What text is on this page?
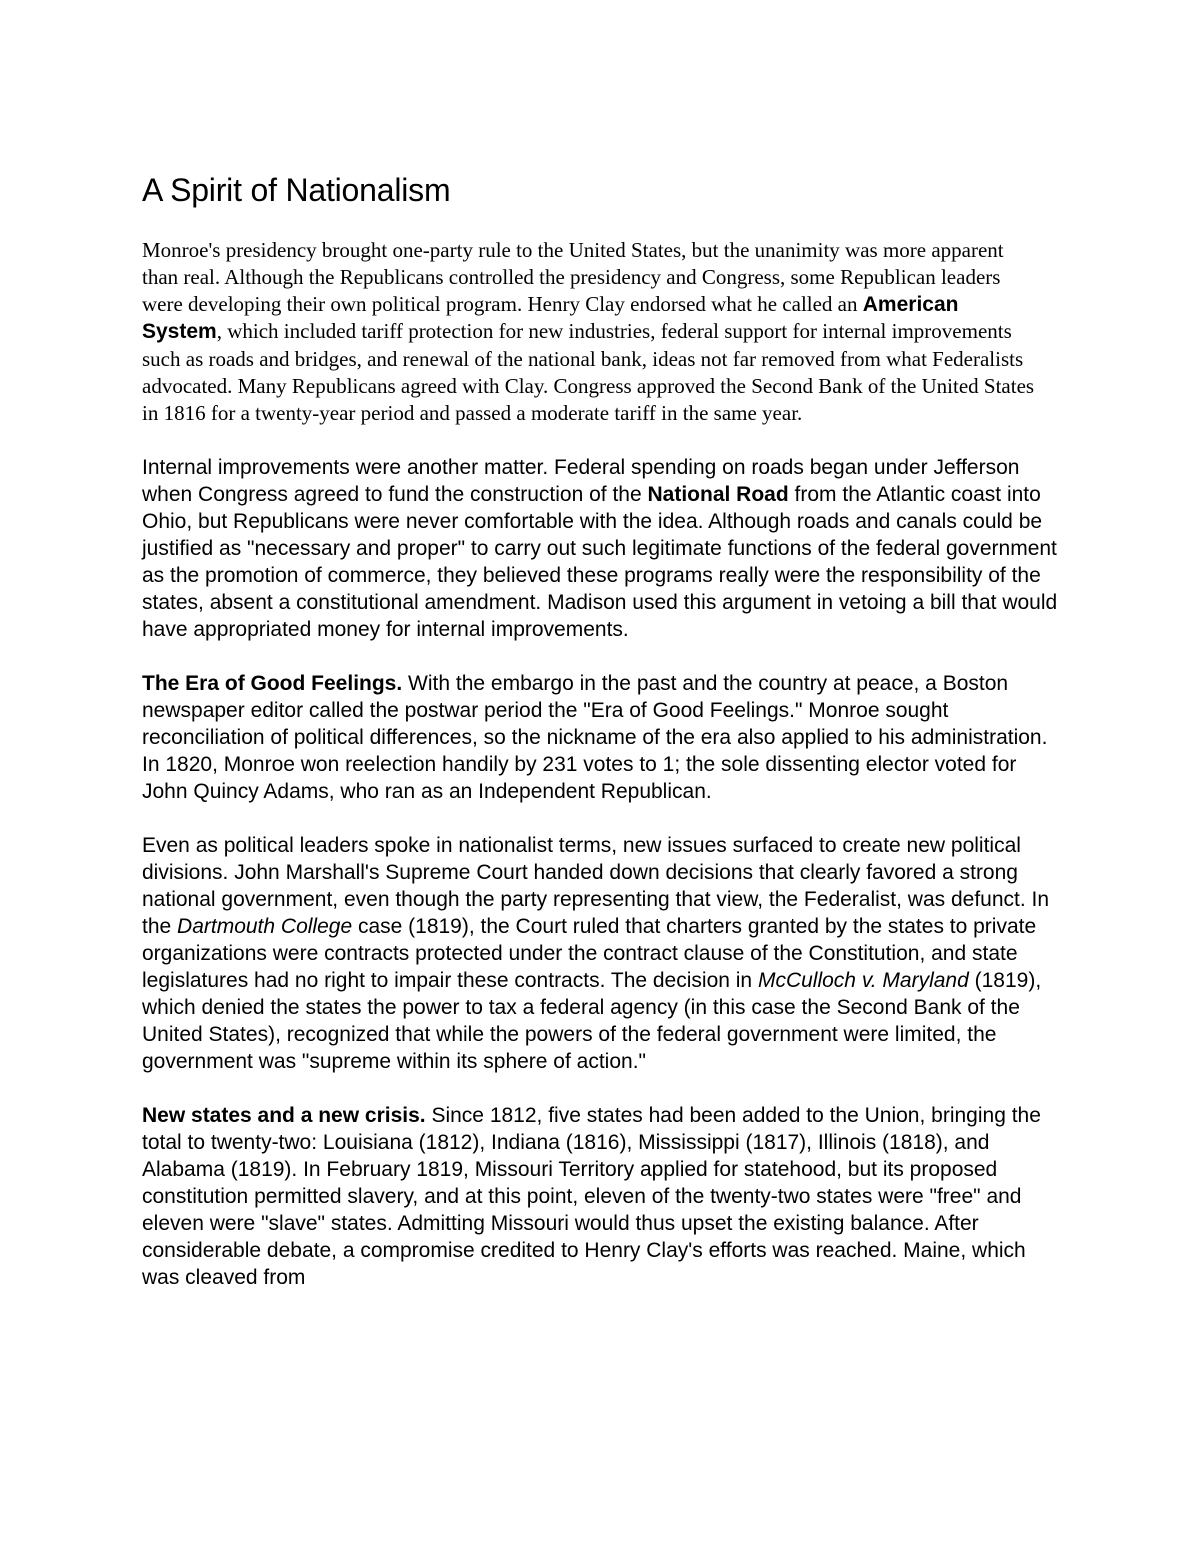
A Spirit of Nationalism

Monroe's presidency brought one-party rule to the United States, but the unanimity was more apparent than real. Although the Republicans controlled the presidency and Congress, some Republican leaders were developing their own political program. Henry Clay endorsed what he called an American System, which included tariff protection for new industries, federal support for internal improvements such as roads and bridges, and renewal of the national bank, ideas not far removed from what Federalists advocated. Many Republicans agreed with Clay. Congress approved the Second Bank of the United States in 1816 for a twenty-year period and passed a moderate tariff in the same year.

Internal improvements were another matter. Federal spending on roads began under Jefferson when Congress agreed to fund the construction of the National Road from the Atlantic coast into Ohio, but Republicans were never comfortable with the idea. Although roads and canals could be justified as "necessary and proper" to carry out such legitimate functions of the federal government as the promotion of commerce, they believed these programs really were the responsibility of the states, absent a constitutional amendment. Madison used this argument in vetoing a bill that would have appropriated money for internal improvements.

The Era of Good Feelings. With the embargo in the past and the country at peace, a Boston newspaper editor called the postwar period the "Era of Good Feelings." Monroe sought reconciliation of political differences, so the nickname of the era also applied to his administration. In 1820, Monroe won reelection handily by 231 votes to 1; the sole dissenting elector voted for John Quincy Adams, who ran as an Independent Republican.

Even as political leaders spoke in nationalist terms, new issues surfaced to create new political divisions. John Marshall's Supreme Court handed down decisions that clearly favored a strong national government, even though the party representing that view, the Federalist, was defunct. In the Dartmouth College case (1819), the Court ruled that charters granted by the states to private organizations were contracts protected under the contract clause of the Constitution, and state legislatures had no right to impair these contracts. The decision in McCulloch v. Maryland (1819), which denied the states the power to tax a federal agency (in this case the Second Bank of the United States), recognized that while the powers of the federal government were limited, the government was "supreme within its sphere of action."

New states and a new crisis. Since 1812, five states had been added to the Union, bringing the total to twenty-two: Louisiana (1812), Indiana (1816), Mississippi (1817), Illinois (1818), and Alabama (1819). In February 1819, Missouri Territory applied for statehood, but its proposed constitution permitted slavery, and at this point, eleven of the twenty-two states were "free" and eleven were "slave" states. Admitting Missouri would thus upset the existing balance. After considerable debate, a compromise credited to Henry Clay's efforts was reached. Maine, which was cleaved from
